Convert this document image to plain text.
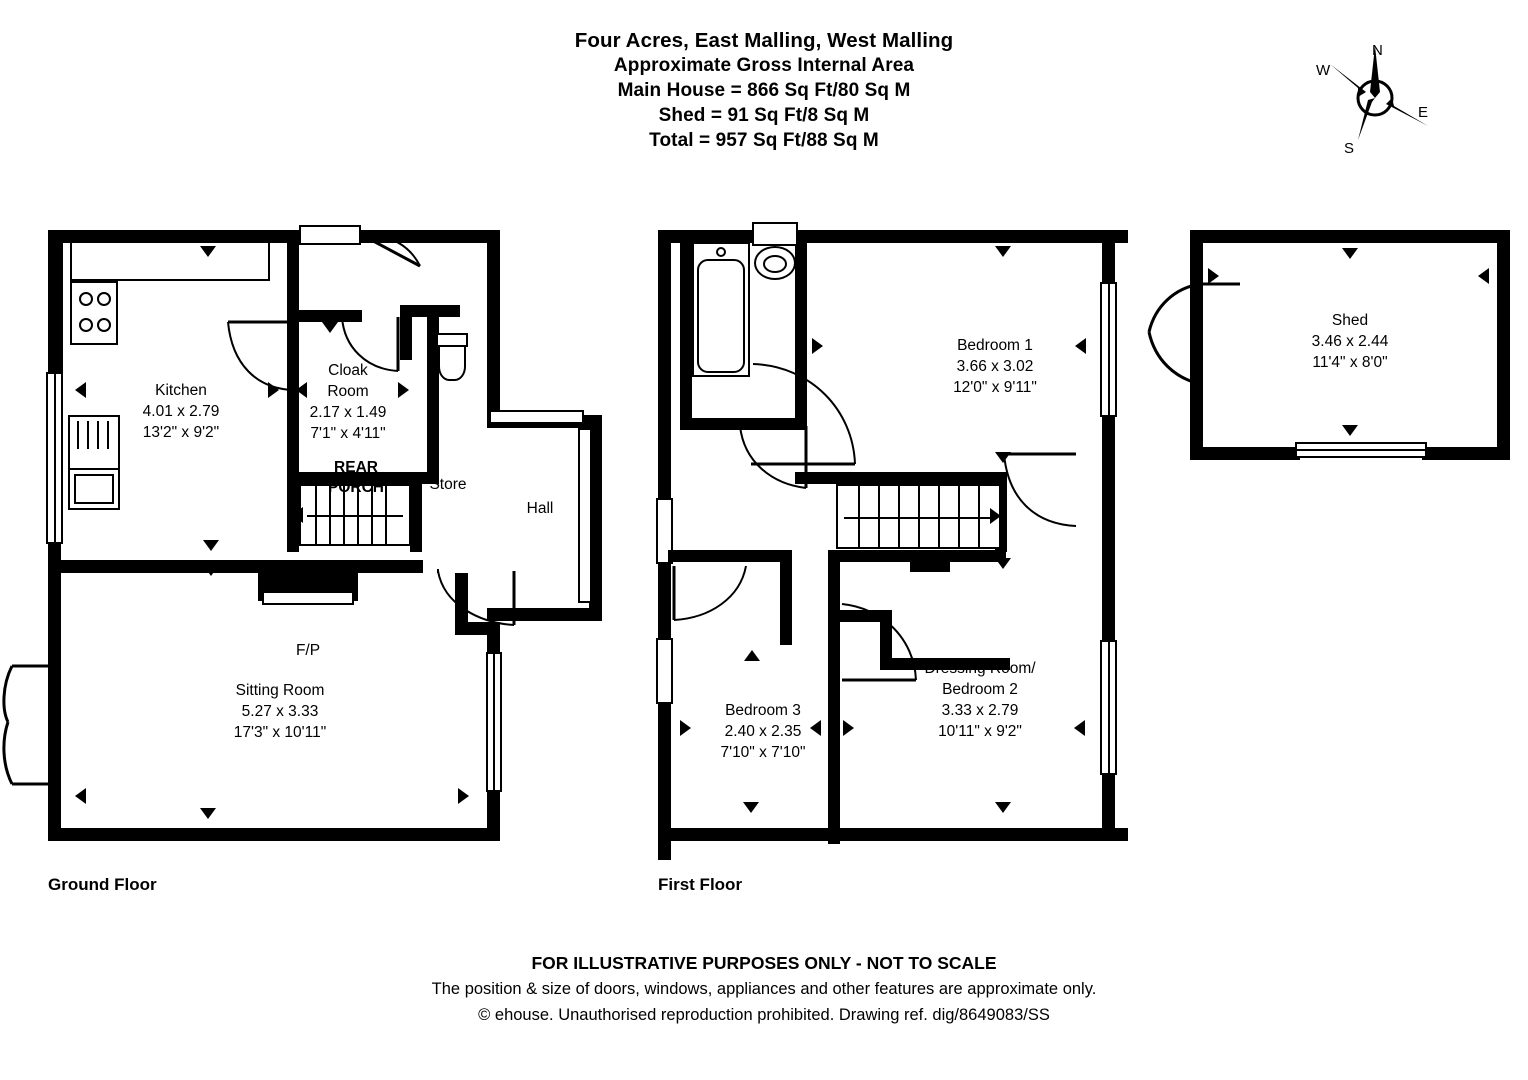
Four Acres, East Malling, West Malling
Approximate Gross Internal Area
Main House = 866 Sq Ft/80 Sq M
Shed = 91 Sq Ft/8 Sq M
Total = 957 Sq Ft/88 Sq M
N
S
E
W
REAR
PORCH	Store
Kitchen
4.01 x 2.79
13'2" x 9'2"
Cloak
Room
2.17 x 1.49
7'1" x 4'11"
Hall
F/P
Sitting Room
5.27 x 3.33
17'3" x 10'11"
Ground Floor
Bedroom 1
3.66 x 3.02
12'0" x 9'11"
Bedroom 3
2.40 x 2.35
7'10" x 7'10"
Dressing Room/
Bedroom 2
3.33 x 2.79
10'11" x 9'2"
First Floor
Shed
3.46 x 2.44
11'4" x 8'0"
FOR ILLUSTRATIVE PURPOSES ONLY - NOT TO SCALE
The position & size of doors, windows, appliances and other features are approximate only.
© ehouse. Unauthorised reproduction prohibited. Drawing ref. dig/8649083/SS
